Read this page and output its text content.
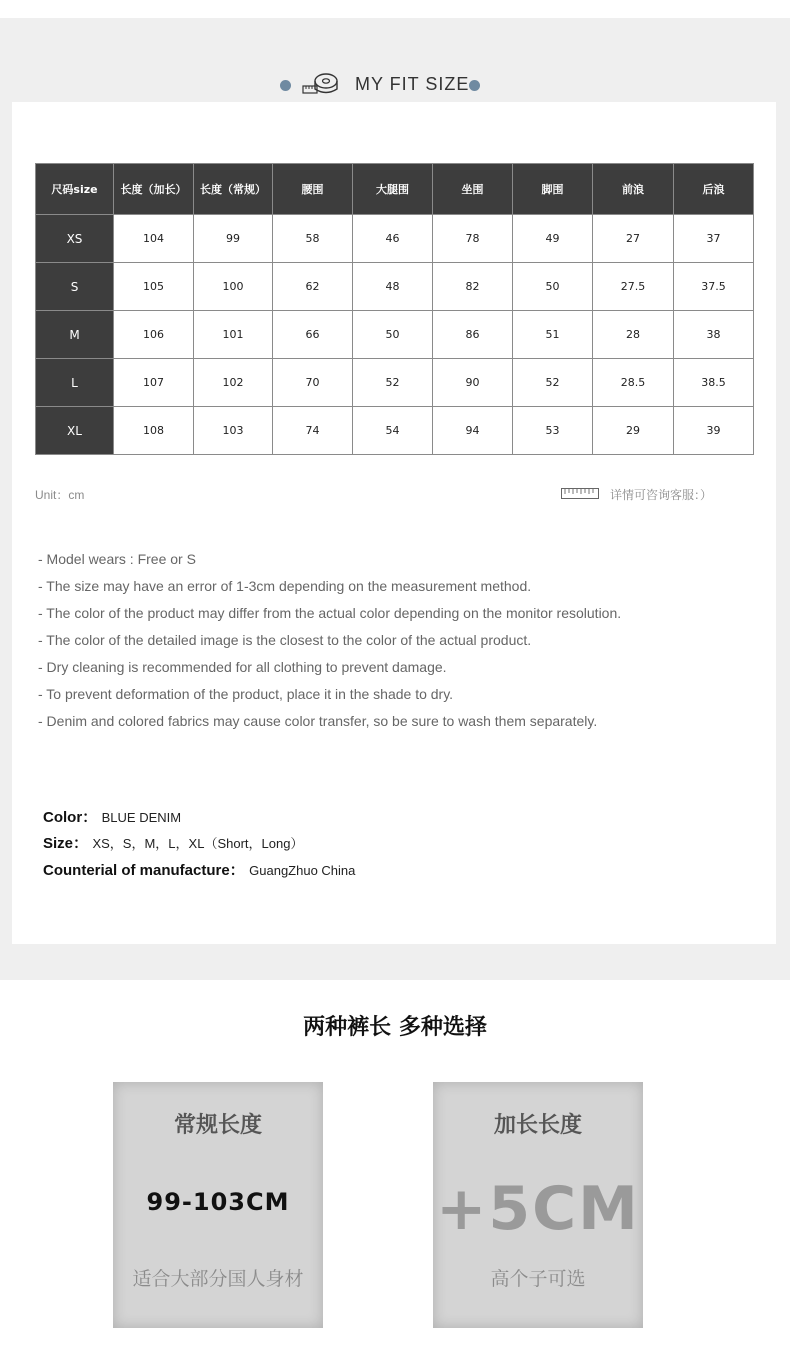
MY FIT SIZE
尺码size	长度（加长）	长度（常规）	腰围	大腿围	坐围	脚围	前浪	后浪
XS	104	99	58	46	78	49	27	37
S	105	100	62	48	82	50	27.5	37.5
M	106	101	66	50	86	51	28	38
L	107	102	70	52	90	52	28.5	38.5
XL	108	103	74	54	94	53	29	39
Unit：cm	详情可咨询客服：）
- Model wears : Free or S
- The size may have an error of 1-3cm depending on the measurement method.
- The color of the product may differ from the actual color depending on the monitor resolution.
- The color of the detailed image is the closest to the color of the actual product.
- Dry cleaning is recommended for all clothing to prevent damage.
- To prevent deformation of the product, place it in the shade to dry.
- Denim and colored fabrics may cause color transfer, so be sure to wash them separately.
Color： BLUE DENIM
Size： XS，S，M，L，XL（Short，Long）
Counterial of manufacture： GuangZhuo China
两种裤长 多种选择
常规长度
99-103CM
适合大部分国人身材
加长长度
+5CM
高个子可选
